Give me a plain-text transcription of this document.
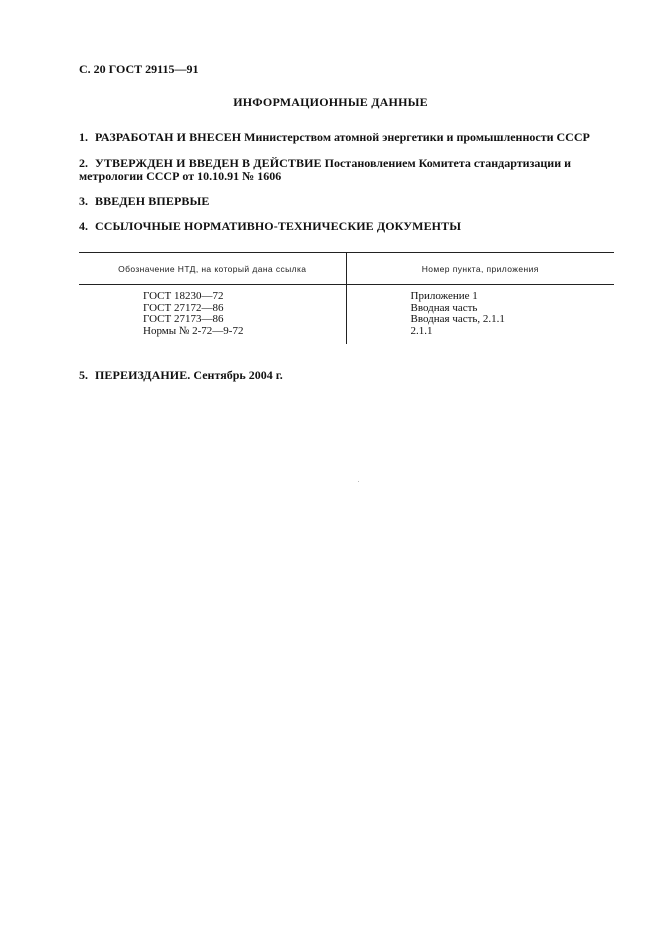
С. 20 ГОСТ 29115—91
ИНФОРМАЦИОННЫЕ ДАННЫЕ
1. РАЗРАБОТАН И ВНЕСЕН Министерством атомной энергетики и промышленности СССР
2. УТВЕРЖДЕН И ВВЕДЕН В ДЕЙСТВИЕ Постановлением Комитета стандартизации и метрологии СССР от 10.10.91 № 1606
3. ВВЕДЕН ВПЕРВЫЕ
4. ССЫЛОЧНЫЕ НОРМАТИВНО-ТЕХНИЧЕСКИЕ ДОКУМЕНТЫ
Обозначение НТД, на который дана ссылка	Номер пункта, приложения
ГОСТ 18230—72
ГОСТ 27172—86
ГОСТ 27173—86
Нормы № 2-72—9-72
Приложение 1
Вводная часть
Вводная часть, 2.1.1
2.1.1
5. ПЕРЕИЗДАНИЕ. Сентябрь 2004 г.
